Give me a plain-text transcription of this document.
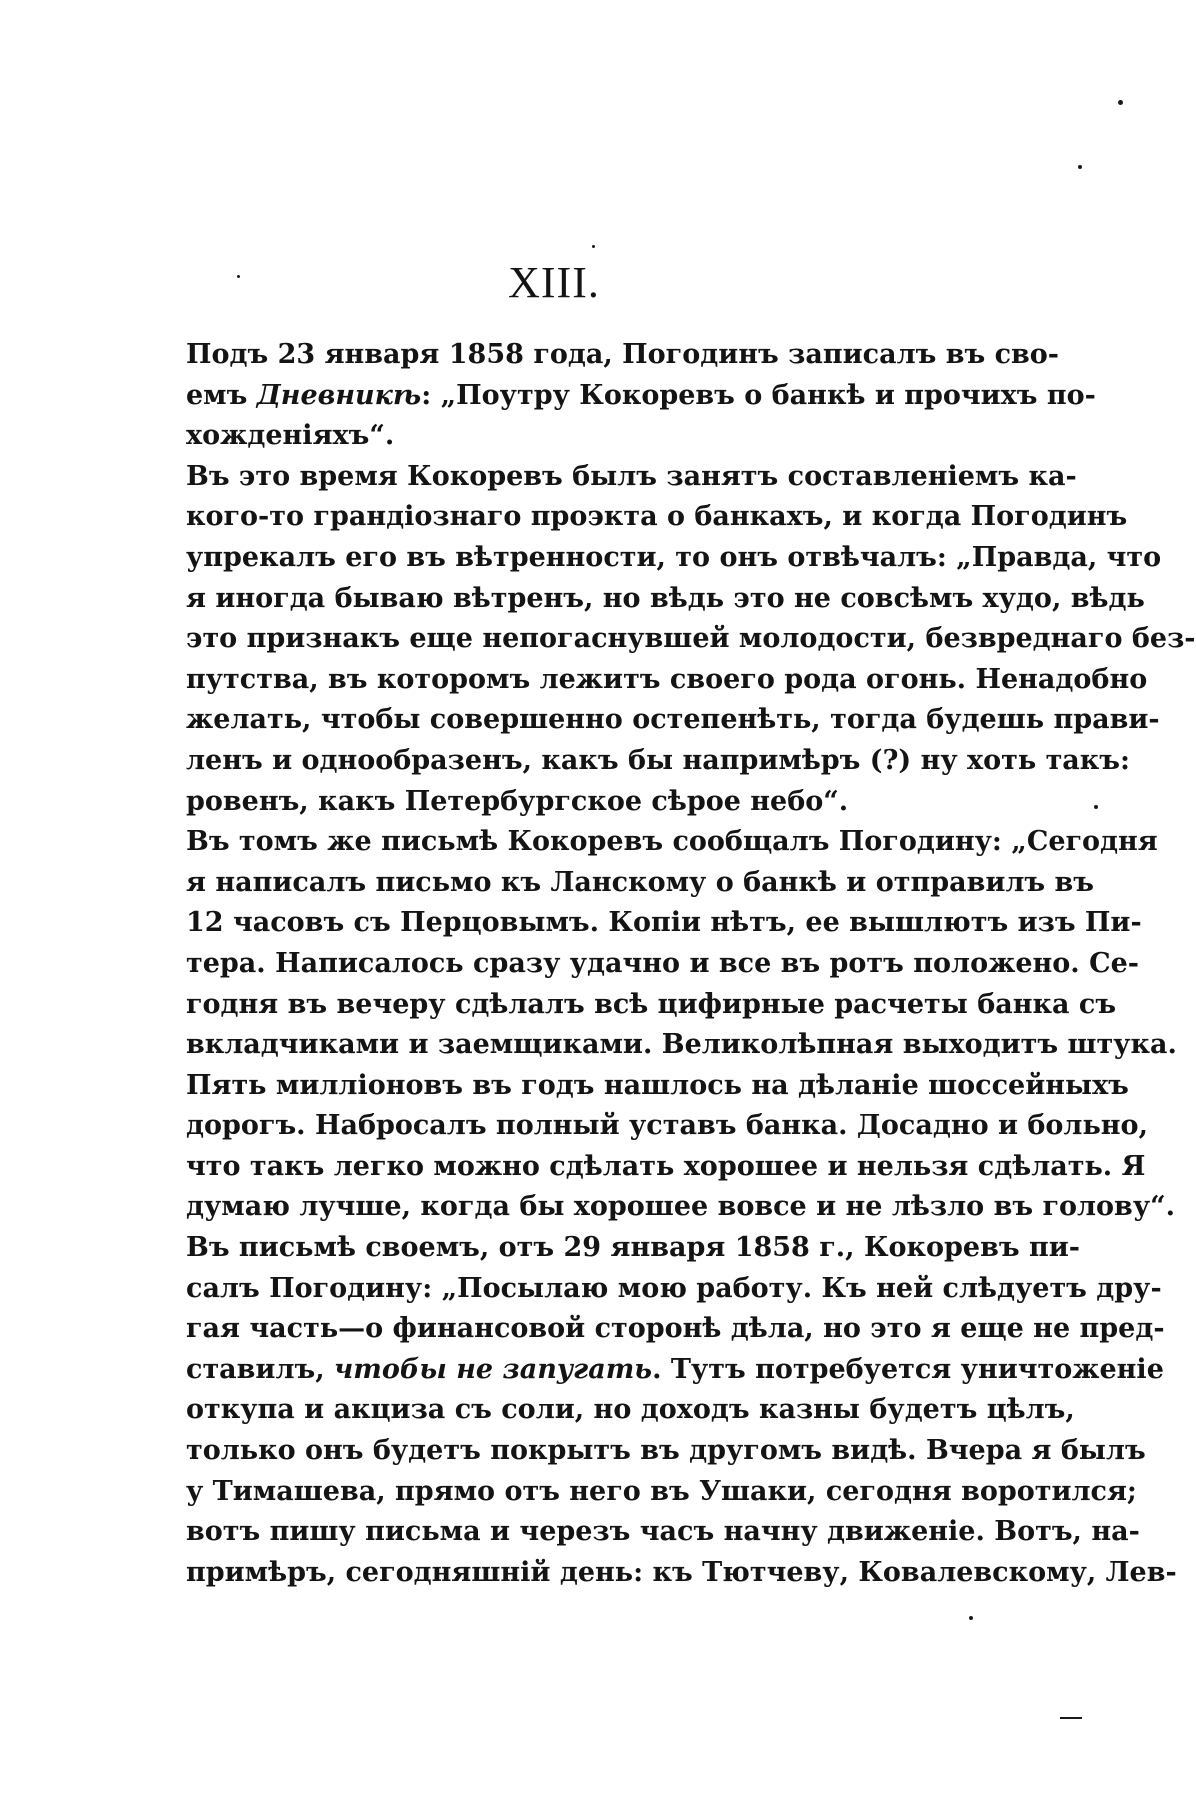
XIII.

Подъ 23 января 1858 года, Погодинъ записалъ въ сво-
емъ Дневникѣ: „Поутру Кокоревъ о банкѣ и прочихъ по-
хожденіяхъ“.

Въ это время Кокоревъ былъ занятъ составленіемъ ка-
кого-то грандіознаго проэкта о банкахъ, и когда Погодинъ
упрекалъ его въ вѣтренности, то онъ отвѣчалъ: „Правда, что
я иногда бываю вѣтренъ, но вѣдь это не совсѣмъ худо, вѣдь
это признакъ еще непогаснувшей молодости, безвреднаго без-
путства, въ которомъ лежитъ своего рода огонь. Ненадобно
желать, чтобы совершенно остепенѣть, тогда будешь прави-
ленъ и однообразенъ, какъ бы напримѣръ (?) ну хоть такъ:
ровенъ, какъ Петербургское сѣрое небо“.

Въ томъ же письмѣ Кокоревъ сообщалъ Погодину: „Сегодня
я написалъ письмо къ Ланскому о банкѣ и отправилъ въ
12 часовъ съ Перцовымъ. Копіи нѣтъ, ее вышлютъ изъ Пи-
тера. Написалось сразу удачно и все въ ротъ положено. Се-
годня въ вечеру сдѣлалъ всѣ цифирные расчеты банка съ
вкладчиками и заемщиками. Великолѣпная выходитъ штука.
Пять милліоновъ въ годъ нашлось на дѣланіе шоссейныхъ
дорогъ. Набросалъ полный уставъ банка. Досадно и больно,
что такъ легко можно сдѣлать хорошее и нельзя сдѣлать. Я
думаю лучше, когда бы хорошее вовсе и не лѣзло въ голову“.

Въ письмѣ своемъ, отъ 29 января 1858 г., Кокоревъ пи-
салъ Погодину: „Посылаю мою работу. Къ ней слѣдуетъ дру-
гая часть—о финансовой сторонѣ дѣла, но это я еще не пред-
ставилъ, чтобы не запугать. Тутъ потребуется уничтоженіе
откупа и акциза съ соли, но доходъ казны будетъ цѣлъ,
только онъ будетъ покрытъ въ другомъ видѣ. Вчера я былъ
у Тимашева, прямо отъ него въ Ушаки, сегодня воротился;
вотъ пишу письма и черезъ часъ начну движеніе. Вотъ, на-
примѣръ, сегодняшній день: къ Тютчеву, Ковалевскому, Лев-
